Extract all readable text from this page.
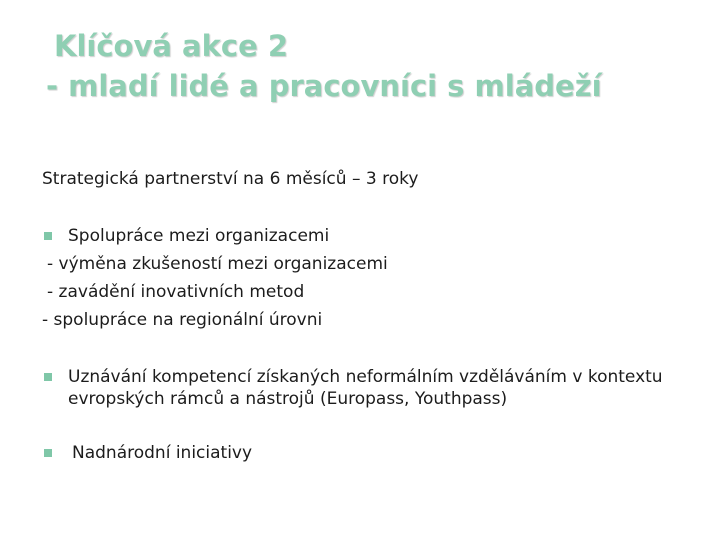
Klíčová akce 2
- mladí lidé a pracovníci s mládeží
Strategická partnerství na 6 měsíců – 3 roky
Spolupráce mezi organizacemi
- výměna zkušeností mezi organizacemi
- zavádění inovativních metod
- spolupráce na regionální úrovni
Uznávání kompetencí získaných neformálním vzděláváním v kontextu evropských rámců a nástrojů (Europass, Youthpass)
Nadnárodní iniciativy
